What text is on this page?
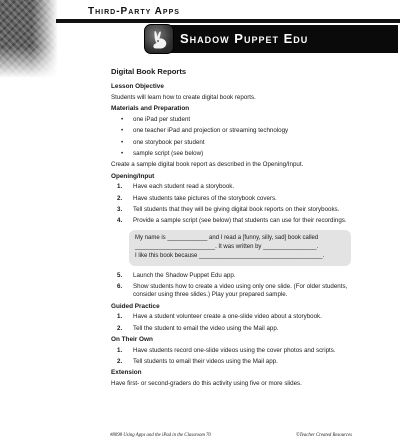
Third-Party Apps
Shadow Puppet Edu
Digital Book Reports
Lesson Objective

Students will learn how to create digital book reports.

Materials and Preparation
• one iPad per student
• one teacher iPad and projection or streaming technology
• one storybook per student
• sample script (see below)

Create a sample digital book report as described in the Opening/Input.

Opening/Input
1. Have each student read a storybook.
2. Have students take pictures of the storybook covers.
3. Tell students that they will be giving digital book reports on their storybooks.
4. Provide a sample script (see below) that students can use for their recordings.
My name is ____________ and I read a [funny, silly, sad] book called
________________________. It was written by ________________.
I like this book because _____________________________________.
5. Launch the Shadow Puppet Edu app.
6. Show students how to create a video using only one slide. (For older students, consider using three slides.) Play your prepared sample.
Guided Practice
1. Have a student volunteer create a one-slide video about a storybook.
2. Tell the student to email the video using the Mail app.
On Their Own
1. Have students record one-slide videos using the cover photos and scripts.
2. Tell students to email their videos using the Mail app.
Extension

Have first- or second-graders do this activity using five or more slides.

#8098 Using Apps and the iPad in the Classroom 70	©Teacher Created Resources
